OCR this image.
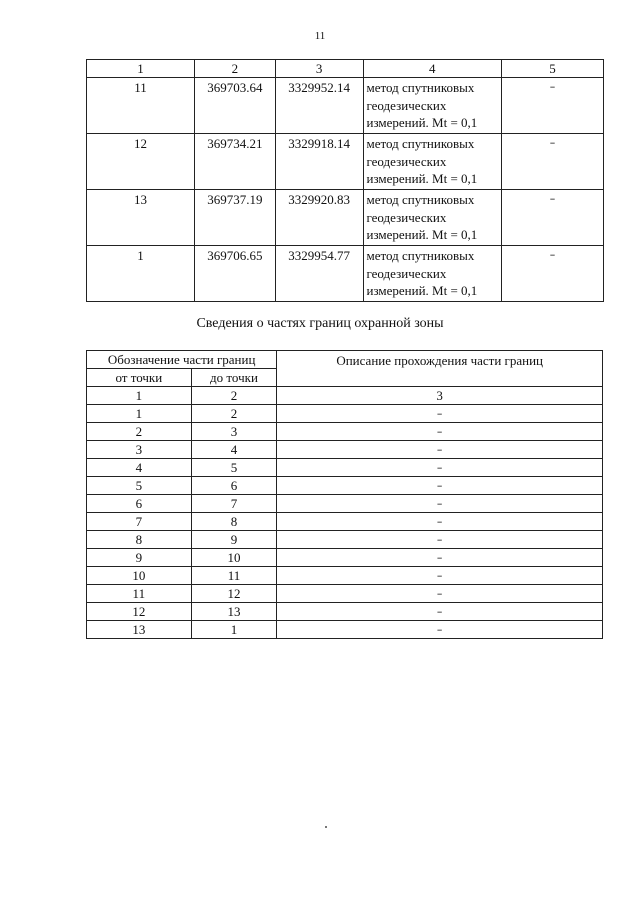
11
1	2	3	4	5
11	369703.64	3329952.14	метод спутниковых
геодезических
измерений. Mt = 0,1	–
12	369734.21	3329918.14	метод спутниковых
геодезических
измерений. Mt = 0,1	–
13	369737.19	3329920.83	метод спутниковых
геодезических
измерений. Mt = 0,1	–
1	369706.65	3329954.77	метод спутниковых
геодезических
измерений. Mt = 0,1	–
Сведения о частях границ охранной зоны
Обозначение части границ		Описание прохождения части границ
от точки	до точки	
1	2	3
1	2	–
2	3	–
3	4	–
4	5	–
5	6	–
6	7	–
7	8	–
8	9	–
9	10	–
10	11	–
11	12	–
12	13	–
13	1	–
